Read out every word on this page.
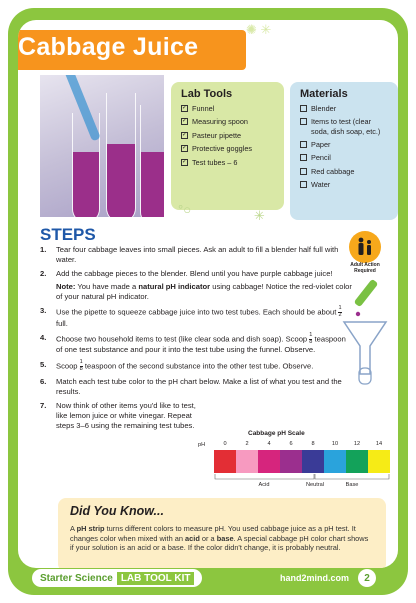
Cabbage Juice
✺ ✳
Lab Tools
✓ Funnel
✓ Measuring spoon
✓ Pasteur pipette
✓ Protective goggles
✓ Test tubes – 6
Materials
Blender
Items to test (clear soda, dish soap, etc.)
Paper
Pencil
Red cabbage
Water
°○	✳
STEPS
Adult Action Required
1. Tear four cabbage leaves into small pieces. Ask an adult to fill a blender half full with water.

2. Add the cabbage pieces to the blender. Blend until you have purple cabbage juice!

Note: You have made a natural pH indicator using cabbage! Notice the red-violet color of your natural pH indicator.

3. Use the pipette to squeeze cabbage juice into two test tubes. Each should be about $\frac{1}{2}$
full.

4. Choose two household items to test (like clear soda and dish soap). Scoop $\frac{1}{8}$ teaspoon of one test substance and pour it into the test tube using the funnel. Observe.

5. Scoop $\frac{1}{8}$ teaspoon of the second substance into the other test tube. Observe.

6. Match each test tube color to the pH chart below. Make a list of what you test and the results.

7. Now think of other items you'd like to test, like lemon juice or white vinegar. Repeat steps 3–6 using the remaining test tubes.

Cabbage pH Scale
pH	0	2	4	6	8	10	12	14
Acid	Neutral	Base
Did You Know...
A pH strip turns different colors to measure pH. You used cabbage juice as a pH test. It changes color when mixed with an acid or a base. A special cabbage pH color chart shows if your solution is an acid or a base. If the color didn't change, it is probably neutral.
Starter Science LAB TOOL KIT	hand2mind.com	2
